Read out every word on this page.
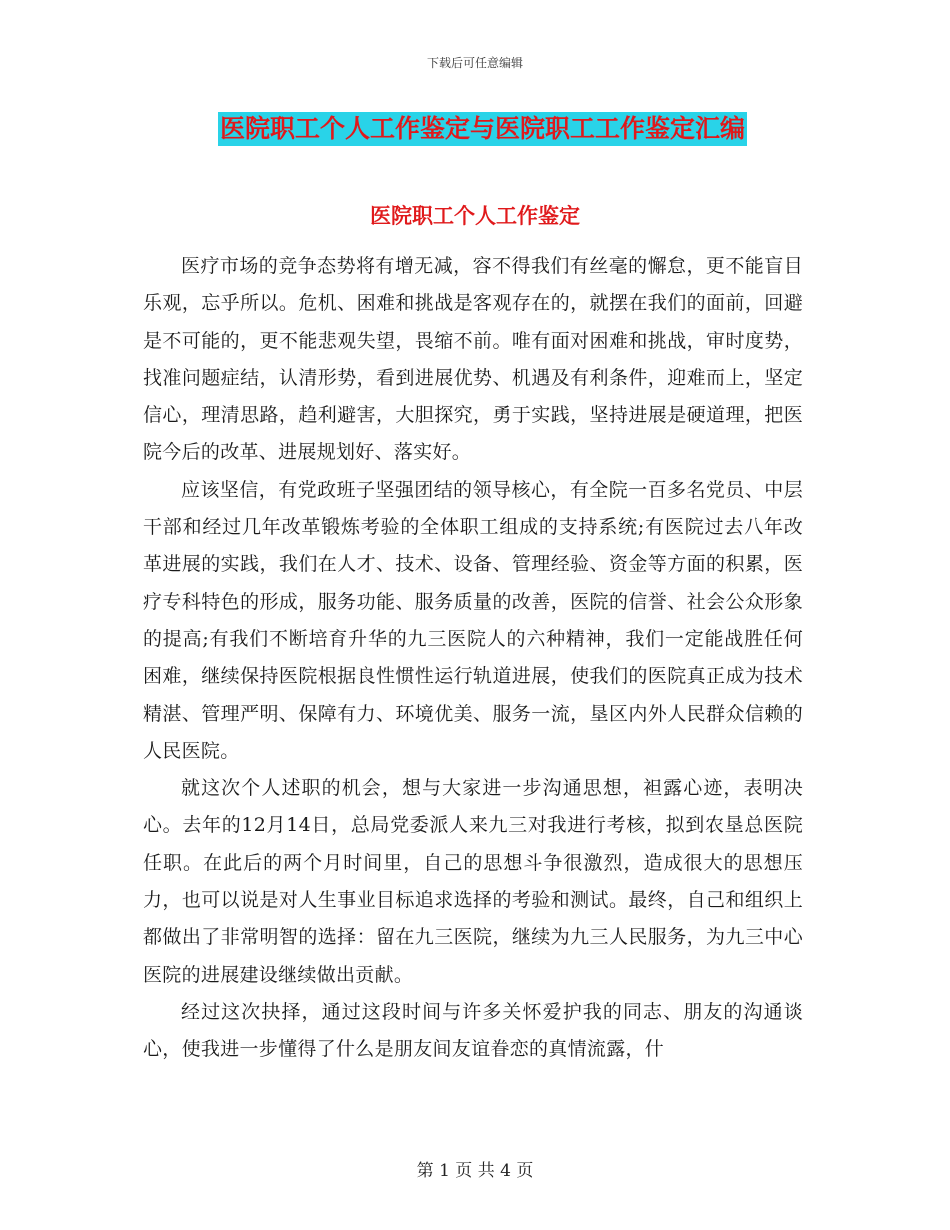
下载后可任意编辑
医院职工个人工作鉴定与医院职工工作鉴定汇编
医院职工个人工作鉴定

医疗市场的竞争态势将有增无减，容不得我们有丝毫的懈怠，更不能盲目乐观，忘乎所以。危机、困难和挑战是客观存在的，就摆在我们的面前，回避是不可能的，更不能悲观失望，畏缩不前。唯有面对困难和挑战，审时度势，找准问题症结，认清形势，看到进展优势、机遇及有利条件，迎难而上，坚定信心，理清思路，趋利避害，大胆探究，勇于实践，坚持进展是硬道理，把医院今后的改革、进展规划好、落实好。

应该坚信，有党政班子坚强团结的领导核心，有全院一百多名党员、中层干部和经过几年改革锻炼考验的全体职工组成的支持系统;有医院过去八年改革进展的实践，我们在人才、技术、设备、管理经验、资金等方面的积累，医疗专科特色的形成，服务功能、服务质量的改善，医院的信誉、社会公众形象的提高;有我们不断培育升华的九三医院人的六种精神，我们一定能战胜任何困难，继续保持医院根据良性惯性运行轨道进展，使我们的医院真正成为技术精湛、管理严明、保障有力、环境优美、服务一流，垦区内外人民群众信赖的人民医院。

就这次个人述职的机会，想与大家进一步沟通思想，袒露心迹，表明决心。去年的12月14日，总局党委派人来九三对我进行考核，拟到农垦总医院任职。在此后的两个月时间里，自己的思想斗争很激烈，造成很大的思想压力，也可以说是对人生事业目标追求选择的考验和测试。最终，自己和组织上都做出了非常明智的选择：留在九三医院，继续为九三人民服务，为九三中心医院的进展建设继续做出贡献。

经过这次抉择，通过这段时间与许多关怀爱护我的同志、朋友的沟通谈心，使我进一步懂得了什么是朋友间友谊眷恋的真情流露，什

第 1 页 共 4 页
